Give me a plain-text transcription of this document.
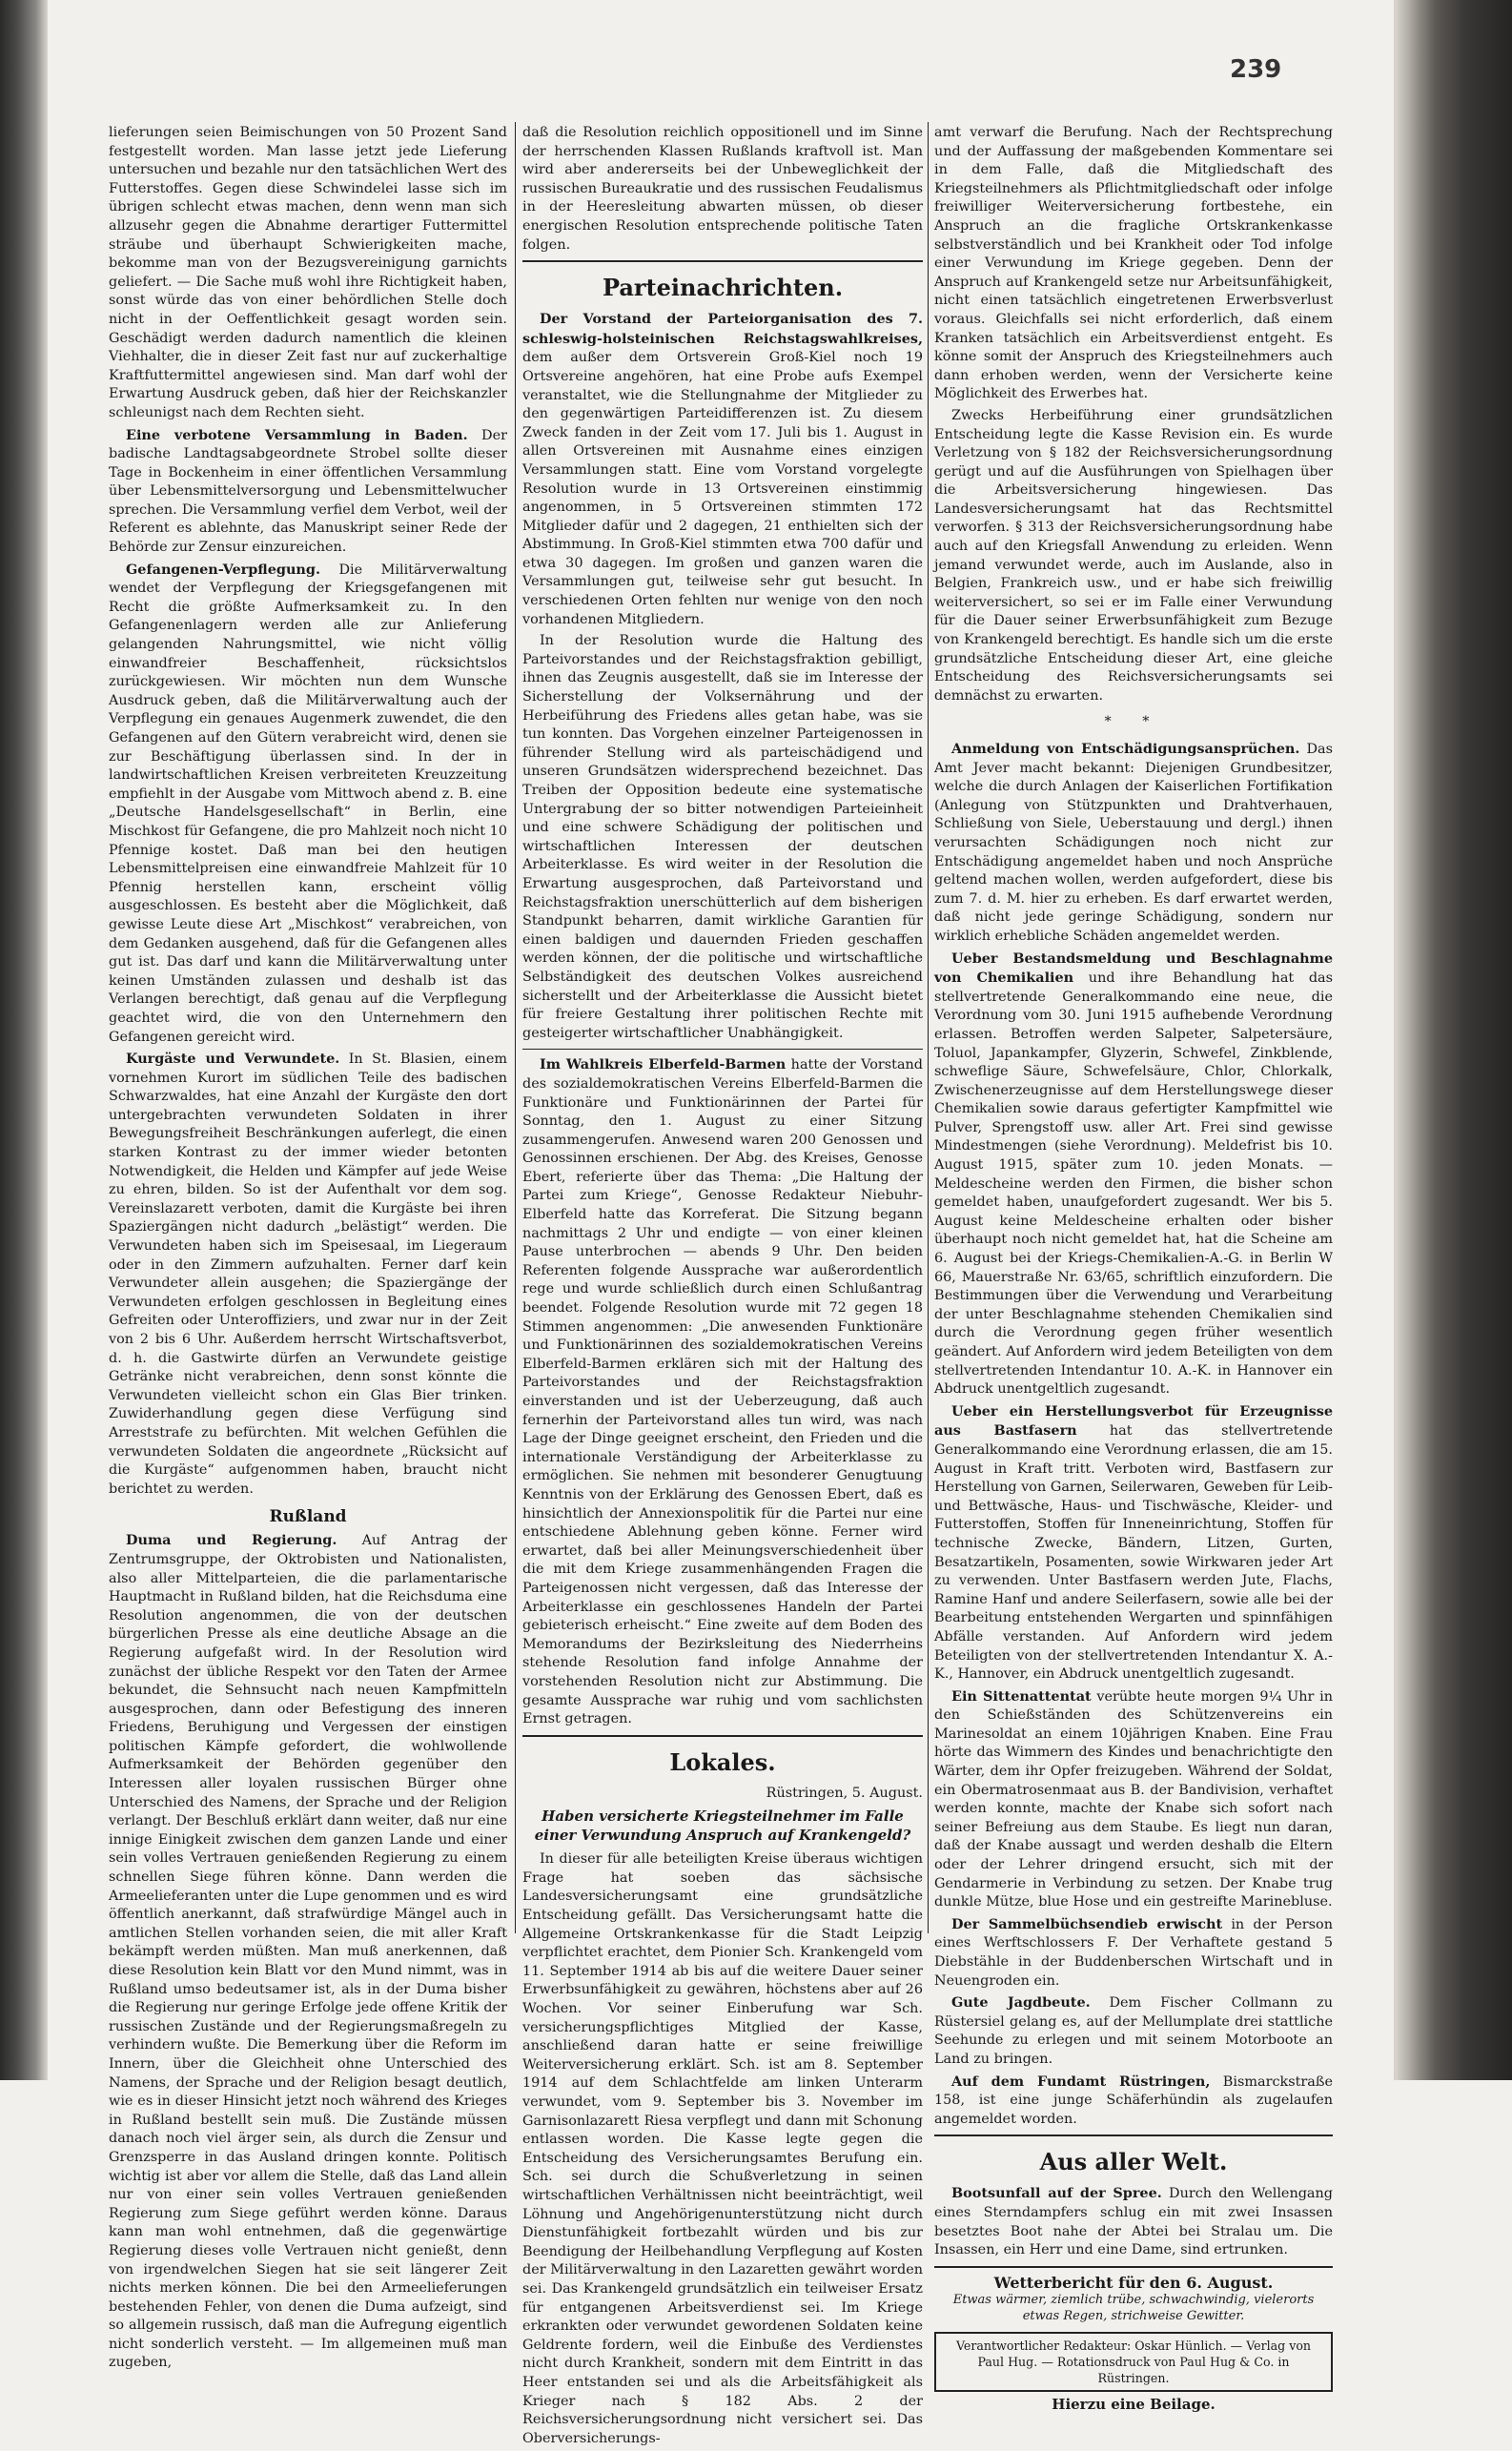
239

lieferungen seien Beimischungen von 50 Prozent Sand festgestellt worden. Man lasse jetzt jede Lieferung untersuchen und bezahle nur den tatsächlichen Wert des Futterstoffes. Gegen diese Schwindelei lasse sich im übrigen schlecht etwas machen, denn wenn man sich allzusehr gegen die Abnahme derartiger Futtermittel sträube und überhaupt Schwierigkeiten mache, bekomme man von der Bezugsvereinigung garnichts geliefert. — Die Sache muß wohl ihre Richtigkeit haben, sonst würde das von einer behördlichen Stelle doch nicht in der Oeffentlichkeit gesagt worden sein. Geschädigt werden dadurch namentlich die kleinen Viehhalter, die in dieser Zeit fast nur auf zuckerhaltige Kraftfuttermittel angewiesen sind. Man darf wohl der Erwartung Ausdruck geben, daß hier der Reichskanzler schleunigst nach dem Rechten sieht.

Eine verbotene Versammlung in Baden. Der badische Landtagsabgeordnete Strobel sollte dieser Tage in Bockenheim in einer öffentlichen Versammlung über Lebensmittelversorgung und Lebensmittelwucher sprechen. Die Versammlung verfiel dem Verbot, weil der Referent es ablehnte, das Manuskript seiner Rede der Behörde zur Zensur einzureichen.

Gefangenen-Verpflegung. Die Militärverwaltung wendet der Verpflegung der Kriegsgefangenen mit Recht die größte Aufmerksamkeit zu. In den Gefangenenlagern werden alle zur Anlieferung gelangenden Nahrungsmittel, wie nicht völlig einwandfreier Beschaffenheit, rücksichtslos zurückgewiesen. Wir möchten nun dem Wunsche Ausdruck geben, daß die Militärverwaltung auch der Verpflegung ein genaues Augenmerk zuwendet, die den Gefangenen auf den Gütern verabreicht wird, denen sie zur Beschäftigung überlassen sind. In der in landwirtschaftlichen Kreisen verbreiteten Kreuzzeitung empfiehlt in der Ausgabe vom Mittwoch abend z. B. eine „Deutsche Handelsgesellschaft“ in Berlin, eine Mischkost für Gefangene, die pro Mahlzeit noch nicht 10 Pfennige kostet. Daß man bei den heutigen Lebensmittelpreisen eine einwandfreie Mahlzeit für 10 Pfennig herstellen kann, erscheint völlig ausgeschlossen. Es besteht aber die Möglichkeit, daß gewisse Leute diese Art „Mischkost“ verabreichen, von dem Gedanken ausgehend, daß für die Gefangenen alles gut ist. Das darf und kann die Militärverwaltung unter keinen Umständen zulassen und deshalb ist das Verlangen berechtigt, daß genau auf die Verpflegung geachtet wird, die von den Unternehmern den Gefangenen gereicht wird.

Kurgäste und Verwundete. In St. Blasien, einem vornehmen Kurort im südlichen Teile des badischen Schwarzwaldes, hat eine Anzahl der Kurgäste den dort untergebrachten verwundeten Soldaten in ihrer Bewegungsfreiheit Beschränkungen auferlegt, die einen starken Kontrast zu der immer wieder betonten Notwendigkeit, die Helden und Kämpfer auf jede Weise zu ehren, bilden. So ist der Aufenthalt vor dem sog. Vereinslazarett verboten, damit die Kurgäste bei ihren Spaziergängen nicht dadurch „belästigt“ werden. Die Verwundeten haben sich im Speisesaal, im Liegeraum oder in den Zimmern aufzuhalten. Ferner darf kein Verwundeter allein ausgehen; die Spaziergänge der Verwundeten erfolgen geschlossen in Begleitung eines Gefreiten oder Unteroffiziers, und zwar nur in der Zeit von 2 bis 6 Uhr. Außerdem herrscht Wirtschaftsverbot, d. h. die Gastwirte dürfen an Verwundete geistige Getränke nicht verabreichen, denn sonst könnte die Verwundeten vielleicht schon ein Glas Bier trinken. Zuwiderhandlung gegen diese Verfügung sind Arreststrafe zu befürchten. Mit welchen Gefühlen die verwundeten Soldaten die angeordnete „Rücksicht auf die Kurgäste“ aufgenommen haben, braucht nicht berichtet zu werden.

Rußland

Duma und Regierung. Auf Antrag der Zentrumsgruppe, der Oktrobisten und Nationalisten, also aller Mittelparteien, die die parlamentarische Hauptmacht in Rußland bilden, hat die Reichsduma eine Resolution angenommen, die von der deutschen bürgerlichen Presse als eine deutliche Absage an die Regierung aufgefaßt wird. In der Resolution wird zunächst der übliche Respekt vor den Taten der Armee bekundet, die Sehnsucht nach neuen Kampfmitteln ausgesprochen, dann oder Befestigung des inneren Friedens, Beruhigung und Vergessen der einstigen politischen Kämpfe gefordert, die wohlwollende Aufmerksamkeit der Behörden gegenüber den Interessen aller loyalen russischen Bürger ohne Unterschied des Namens, der Sprache und der Religion verlangt. Der Beschluß erklärt dann weiter, daß nur eine innige Einigkeit zwischen dem ganzen Lande und einer sein volles Vertrauen genießenden Regierung zu einem schnellen Siege führen könne. Dann werden die Armeelieferanten unter die Lupe genommen und es wird öffentlich anerkannt, daß strafwürdige Mängel auch in amtlichen Stellen vorhanden seien, die mit aller Kraft bekämpft werden müßten. Man muß anerkennen, daß diese Resolution kein Blatt vor den Mund nimmt, was in Rußland umso bedeutsamer ist, als in der Duma bisher die Regierung nur geringe Erfolge jede offene Kritik der russischen Zustände und der Regierungsmaßregeln zu verhindern wußte. Die Bemerkung über die Reform im Innern, über die Gleichheit ohne Unterschied des Namens, der Sprache und der Religion besagt deutlich, wie es in dieser Hinsicht jetzt noch während des Krieges in Rußland bestellt sein muß. Die Zustände müssen danach noch viel ärger sein, als durch die Zensur und Grenzsperre in das Ausland dringen konnte. Politisch wichtig ist aber vor allem die Stelle, daß das Land allein nur von einer sein volles Vertrauen genießenden Regierung zum Siege geführt werden könne. Daraus kann man wohl entnehmen, daß die gegenwärtige Regierung dieses volle Vertrauen nicht genießt, denn von irgendwelchen Siegen hat sie seit längerer Zeit nichts merken können. Die bei den Armeelieferungen bestehenden Fehler, von denen die Duma aufzeigt, sind so allgemein russisch, daß man die Aufregung eigentlich nicht sonderlich versteht. — Im allgemeinen muß man zugeben,

daß die Resolution reichlich oppositionell und im Sinne der herrschenden Klassen Rußlands kraftvoll ist. Man wird aber andererseits bei der Unbeweglichkeit der russischen Bureaukratie und des russischen Feudalismus in der Heeresleitung abwarten müssen, ob dieser energischen Resolution entsprechende politische Taten folgen.

Parteinachrichten.

Der Vorstand der Parteiorganisation des 7. schleswig-holsteinischen Reichstagswahlkreises, dem außer dem Ortsverein Groß-Kiel noch 19 Ortsvereine angehören, hat eine Probe aufs Exempel veranstaltet, wie die Stellungnahme der Mitglieder zu den gegenwärtigen Parteidifferenzen ist. Zu diesem Zweck fanden in der Zeit vom 17. Juli bis 1. August in allen Ortsvereinen mit Ausnahme eines einzigen Versammlungen statt. Eine vom Vorstand vorgelegte Resolution wurde in 13 Ortsvereinen einstimmig angenommen, in 5 Ortsvereinen stimmten 172 Mitglieder dafür und 2 dagegen, 21 enthielten sich der Abstimmung. In Groß-Kiel stimmten etwa 700 dafür und etwa 30 dagegen. Im großen und ganzen waren die Versammlungen gut, teilweise sehr gut besucht. In verschiedenen Orten fehlten nur wenige von den noch vorhandenen Mitgliedern.

In der Resolution wurde die Haltung des Parteivorstandes und der Reichstagsfraktion gebilligt, ihnen das Zeugnis ausgestellt, daß sie im Interesse der Sicherstellung der Volksernährung und der Herbeiführung des Friedens alles getan habe, was sie tun konnten. Das Vorgehen einzelner Parteigenossen in führender Stellung wird als parteischädigend und unseren Grundsätzen widersprechend bezeichnet. Das Treiben der Opposition bedeute eine systematische Untergrabung der so bitter notwendigen Parteieinheit und eine schwere Schädigung der politischen und wirtschaftlichen Interessen der deutschen Arbeiterklasse. Es wird weiter in der Resolution die Erwartung ausgesprochen, daß Parteivorstand und Reichstagsfraktion unerschütterlich auf dem bisherigen Standpunkt beharren, damit wirkliche Garantien für einen baldigen und dauernden Frieden geschaffen werden können, der die politische und wirtschaftliche Selbständigkeit des deutschen Volkes ausreichend sicherstellt und der Arbeiterklasse die Aussicht bietet für freiere Gestaltung ihrer politischen Rechte mit gesteigerter wirtschaftlicher Unabhängigkeit.

Im Wahlkreis Elberfeld-Barmen hatte der Vorstand des sozialdemokratischen Vereins Elberfeld-Barmen die Funktionäre und Funktionärinnen der Partei für Sonntag, den 1. August zu einer Sitzung zusammengerufen. Anwesend waren 200 Genossen und Genossinnen erschienen. Der Abg. des Kreises, Genosse Ebert, referierte über das Thema: „Die Haltung der Partei zum Kriege“, Genosse Redakteur Niebuhr-Elberfeld hatte das Korreferat. Die Sitzung begann nachmittags 2 Uhr und endigte — von einer kleinen Pause unterbrochen — abends 9 Uhr. Den beiden Referenten folgende Aussprache war außerordentlich rege und wurde schließlich durch einen Schlußantrag beendet. Folgende Resolution wurde mit 72 gegen 18 Stimmen angenommen: „Die anwesenden Funktionäre und Funktionärinnen des sozialdemokratischen Vereins Elberfeld-Barmen erklären sich mit der Haltung des Parteivorstandes und der Reichstagsfraktion einverstanden und ist der Ueberzeugung, daß auch fernerhin der Parteivorstand alles tun wird, was nach Lage der Dinge geeignet erscheint, den Frieden und die internationale Verständigung der Arbeiterklasse zu ermöglichen. Sie nehmen mit besonderer Genugtuung Kenntnis von der Erklärung des Genossen Ebert, daß es hinsichtlich der Annexionspolitik für die Partei nur eine entschiedene Ablehnung geben könne. Ferner wird erwartet, daß bei aller Meinungsverschiedenheit über die mit dem Kriege zusammenhängenden Fragen die Parteigenossen nicht vergessen, daß das Interesse der Arbeiterklasse ein geschlossenes Handeln der Partei gebieterisch erheischt.“ Eine zweite auf dem Boden des Memorandums der Bezirksleitung des Niederrheins stehende Resolution fand infolge Annahme der vorstehenden Resolution nicht zur Abstimmung. Die gesamte Aussprache war ruhig und vom sachlichsten Ernst getragen.

Lokales.

Rüstringen, 5. August.

Haben versicherte Kriegsteilnehmer im Falle einer Verwundung Anspruch auf Krankengeld?

In dieser für alle beteiligten Kreise überaus wichtigen Frage hat soeben das sächsische Landesversicherungsamt eine grundsätzliche Entscheidung gefällt. Das Versicherungsamt hatte die Allgemeine Ortskrankenkasse für die Stadt Leipzig verpflichtet erachtet, dem Pionier Sch. Krankengeld vom 11. September 1914 ab bis auf die weitere Dauer seiner Erwerbsunfähigkeit zu gewähren, höchstens aber auf 26 Wochen. Vor seiner Einberufung war Sch. versicherungspflichtiges Mitglied der Kasse, anschließend daran hatte er seine freiwillige Weiterversicherung erklärt. Sch. ist am 8. September 1914 auf dem Schlachtfelde am linken Unterarm verwundet, vom 9. September bis 3. November im Garnisonlazarett Riesa verpflegt und dann mit Schonung entlassen worden. Die Kasse legte gegen die Entscheidung des Versicherungsamtes Berufung ein. Sch. sei durch die Schußverletzung in seinen wirtschaftlichen Verhältnissen nicht beeinträchtigt, weil Löhnung und Angehörigenunterstützung nicht durch Dienstunfähigkeit fortbezahlt würden und bis zur Beendigung der Heilbehandlung Verpflegung auf Kosten der Militärverwaltung in den Lazaretten gewährt worden sei. Das Krankengeld grundsätzlich ein teilweiser Ersatz für entgangenen Arbeitsverdienst sei. Im Kriege erkrankten oder verwundet gewordenen Soldaten keine Geldrente fordern, weil die Einbuße des Verdienstes nicht durch Krankheit, sondern mit dem Eintritt in das Heer entstanden sei und als die Arbeitsfähigkeit als Krieger nach § 182 Abs. 2 der Reichsversicherungsordnung nicht versichert sei. Das Oberversicherungs-

amt verwarf die Berufung. Nach der Rechtsprechung und der Auffassung der maßgebenden Kommentare sei in dem Falle, daß die Mitgliedschaft des Kriegsteilnehmers als Pflichtmitgliedschaft oder infolge freiwilliger Weiterversicherung fortbestehe, ein Anspruch an die fragliche Ortskrankenkasse selbstverständlich und bei Krankheit oder Tod infolge einer Verwundung im Kriege gegeben. Denn der Anspruch auf Krankengeld setze nur Arbeitsunfähigkeit, nicht einen tatsächlich eingetretenen Erwerbsverlust voraus. Gleichfalls sei nicht erforderlich, daß einem Kranken tatsächlich ein Arbeitsverdienst entgeht. Es könne somit der Anspruch des Kriegsteilnehmers auch dann erhoben werden, wenn der Versicherte keine Möglichkeit des Erwerbes hat.

Zwecks Herbeiführung einer grundsätzlichen Entscheidung legte die Kasse Revision ein. Es wurde Verletzung von § 182 der Reichsversicherungsordnung gerügt und auf die Ausführungen von Spielhagen über die Arbeitsversicherung hingewiesen. Das Landesversicherungsamt hat das Rechtsmittel verworfen. § 313 der Reichsversicherungsordnung habe auch auf den Kriegsfall Anwendung zu erleiden. Wenn jemand verwundet werde, auch im Auslande, also in Belgien, Frankreich usw., und er habe sich freiwillig weiterversichert, so sei er im Falle einer Verwundung für die Dauer seiner Erwerbsunfähigkeit zum Bezuge von Krankengeld berechtigt. Es handle sich um die erste grundsätzliche Entscheidung dieser Art, eine gleiche Entscheidung des Reichsversicherungsamts sei demnächst zu erwarten.

* *

Anmeldung von Entschädigungsansprüchen. Das Amt Jever macht bekannt: Diejenigen Grundbesitzer, welche die durch Anlagen der Kaiserlichen Fortifikation (Anlegung von Stützpunkten und Drahtverhauen, Schließung von Siele, Ueberstauung und dergl.) ihnen verursachten Schädigungen noch nicht zur Entschädigung angemeldet haben und noch Ansprüche geltend machen wollen, werden aufgefordert, diese bis zum 7. d. M. hier zu erheben. Es darf erwartet werden, daß nicht jede geringe Schädigung, sondern nur wirklich erhebliche Schäden angemeldet werden.

Ueber Bestandsmeldung und Beschlagnahme von Chemikalien und ihre Behandlung hat das stellvertretende Generalkommando eine neue, die Verordnung vom 30. Juni 1915 aufhebende Verordnung erlassen. Betroffen werden Salpeter, Salpetersäure, Toluol, Japankampfer, Glyzerin, Schwefel, Zinkblende, schweflige Säure, Schwefelsäure, Chlor, Chlorkalk, Zwischenerzeugnisse auf dem Herstellungswege dieser Chemikalien sowie daraus gefertigter Kampfmittel wie Pulver, Sprengstoff usw. aller Art. Frei sind gewisse Mindestmengen (siehe Verordnung). Meldefrist bis 10. August 1915, später zum 10. jeden Monats. — Meldescheine werden den Firmen, die bisher schon gemeldet haben, unaufgefordert zugesandt. Wer bis 5. August keine Meldescheine erhalten oder bisher überhaupt noch nicht gemeldet hat, hat die Scheine am 6. August bei der Kriegs-Chemikalien-A.-G. in Berlin W 66, Mauerstraße Nr. 63/65, schriftlich einzufordern. Die Bestimmungen über die Verwendung und Verarbeitung der unter Beschlagnahme stehenden Chemikalien sind durch die Verordnung gegen früher wesentlich geändert. Auf Anfordern wird jedem Beteiligten von dem stellvertretenden Intendantur 10. A.-K. in Hannover ein Abdruck unentgeltlich zugesandt.

Ueber ein Herstellungsverbot für Erzeugnisse aus Bastfasern hat das stellvertretende Generalkommando eine Verordnung erlassen, die am 15. August in Kraft tritt. Verboten wird, Bastfasern zur Herstellung von Garnen, Seilerwaren, Geweben für Leib- und Bettwäsche, Haus- und Tischwäsche, Kleider- und Futterstoffen, Stoffen für Inneneinrichtung, Stoffen für technische Zwecke, Bändern, Litzen, Gurten, Besatzartikeln, Posamenten, sowie Wirkwaren jeder Art zu verwenden. Unter Bastfasern werden Jute, Flachs, Ramine Hanf und andere Seilerfasern, sowie alle bei der Bearbeitung entstehenden Wergarten und spinnfähigen Abfälle verstanden. Auf Anfordern wird jedem Beteiligten von der stellvertretenden Intendantur X. A.-K., Hannover, ein Abdruck unentgeltlich zugesandt.

Ein Sittenattentat verübte heute morgen 9¼ Uhr in den Schießständen des Schützenvereins ein Marinesoldat an einem 10jährigen Knaben. Eine Frau hörte das Wimmern des Kindes und benachrichtigte den Wärter, dem ihr Opfer freizugeben. Während der Soldat, ein Obermatrosenmaat aus B. der Bandivision, verhaftet werden konnte, machte der Knabe sich sofort nach seiner Befreiung aus dem Staube. Es liegt nun daran, daß der Knabe aussagt und werden deshalb die Eltern oder der Lehrer dringend ersucht, sich mit der Gendarmerie in Verbindung zu setzen. Der Knabe trug dunkle Mütze, blue Hose und ein gestreifte Marinebluse.

Der Sammelbüchsendieb erwischt in der Person eines Werftschlossers F. Der Verhaftete gestand 5 Diebstähle in der Buddenberschen Wirtschaft und in Neuengroden ein.

Gute Jagdbeute. Dem Fischer Collmann zu Rüstersiel gelang es, auf der Mellumplate drei stattliche Seehunde zu erlegen und mit seinem Motorboote an Land zu bringen.

Auf dem Fundamt Rüstringen, Bismarckstraße 158, ist eine junge Schäferhündin als zugelaufen angemeldet worden.

Aus aller Welt.

Bootsunfall auf der Spree. Durch den Wellengang eines Sterndampfers schlug ein mit zwei Insassen besetztes Boot nahe der Abtei bei Stralau um. Die Insassen, ein Herr und eine Dame, sind ertrunken.

Wetterbericht für den 6. August.
Etwas wärmer, ziemlich trübe, schwachwindig, vielerorts etwas Regen, strichweise Gewitter.
Verantwortlicher Redakteur: Oskar Hünlich. — Verlag von Paul Hug. — Rotationsdruck von Paul Hug & Co. in Rüstringen.
Hierzu eine Beilage.
